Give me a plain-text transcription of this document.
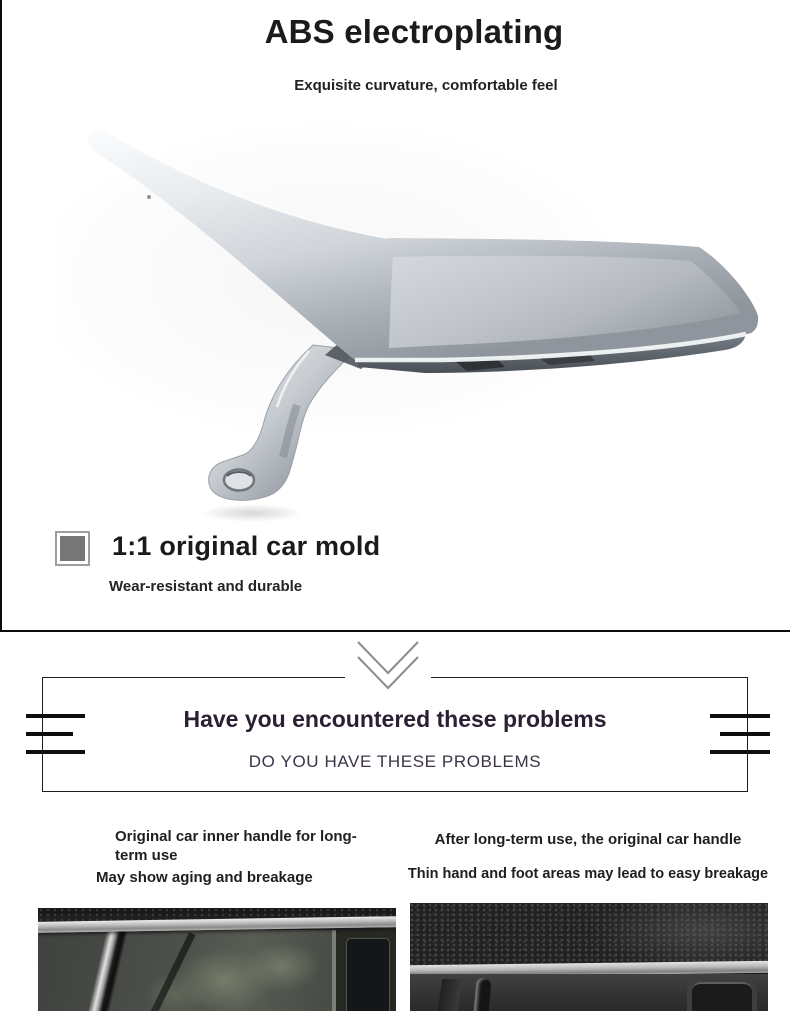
ABS electroplating

Exquisite curvature, comfortable feel

1:1 original car mold
Wear-resistant and durable
Have you encountered these problems
DO YOU HAVE THESE PROBLEMS
Original car inner handle for long-term use
May show aging and breakage
After long-term use, the original car handle
Thin hand and foot areas may lead to easy breakage
